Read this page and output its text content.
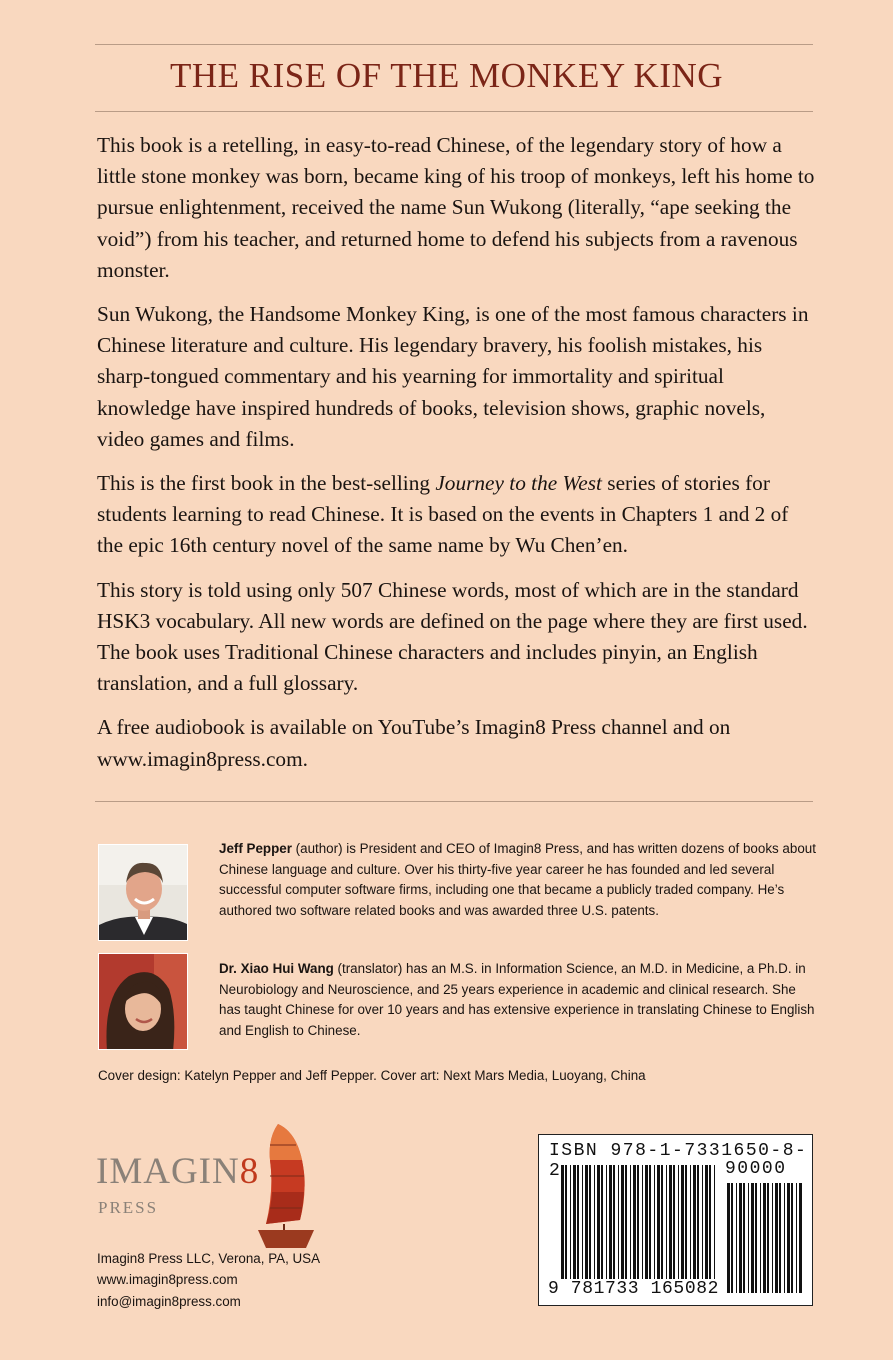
THE RISE OF THE MONKEY KING

This book is a retelling, in easy-to-read Chinese, of the legendary story of how a little stone monkey was born, became king of his troop of monkeys, left his home to pursue enlightenment, received the name Sun Wukong (literally, “ape seeking the void”) from his teacher, and returned home to defend his subjects from a ravenous monster.

Sun Wukong, the Handsome Monkey King, is one of the most famous characters in Chinese literature and culture. His legendary bravery, his foolish mistakes, his sharp-tongued commentary and his yearning for immortality and spiritual knowledge have inspired hundreds of books, television shows, graphic novels, video games and films.

This is the first book in the best-selling Journey to the West series of stories for students learning to read Chinese. It is based on the events in Chapters 1 and 2 of the epic 16th century novel of the same name by Wu Chen’en.

This story is told using only 507 Chinese words, most of which are in the standard HSK3 vocabulary. All new words are defined on the page where they are first used. The book uses Traditional Chinese characters and includes pinyin, an English translation, and a full glossary.

A free audiobook is available on YouTube’s Imagin8 Press channel and on www.imagin8press.com.

Jeff Pepper (author) is President and CEO of Imagin8 Press, and has written dozens of books about Chinese language and culture. Over his thirty-five year career he has founded and led several successful computer software firms, including one that became a publicly traded company. He’s authored two software related books and was awarded three U.S. patents.

Dr. Xiao Hui Wang (translator) has an M.S. in Information Science, an M.D. in Medicine, a Ph.D. in Neurobiology and Neuroscience, and 25 years experience in academic and clinical research. She has taught Chinese for over 10 years and has extensive experience in translating Chinese to English and English to Chinese.

Cover design: Katelyn Pepper and Jeff Pepper. Cover art: Next Mars Media, Luoyang, China
IMAGIN8
PRESS
Imagin8 Press LLC, Verona, PA, USA
www.imagin8press.com
info@imagin8press.com
ISBN 978-1-7331650-8-2	90000
9 781733 165082
